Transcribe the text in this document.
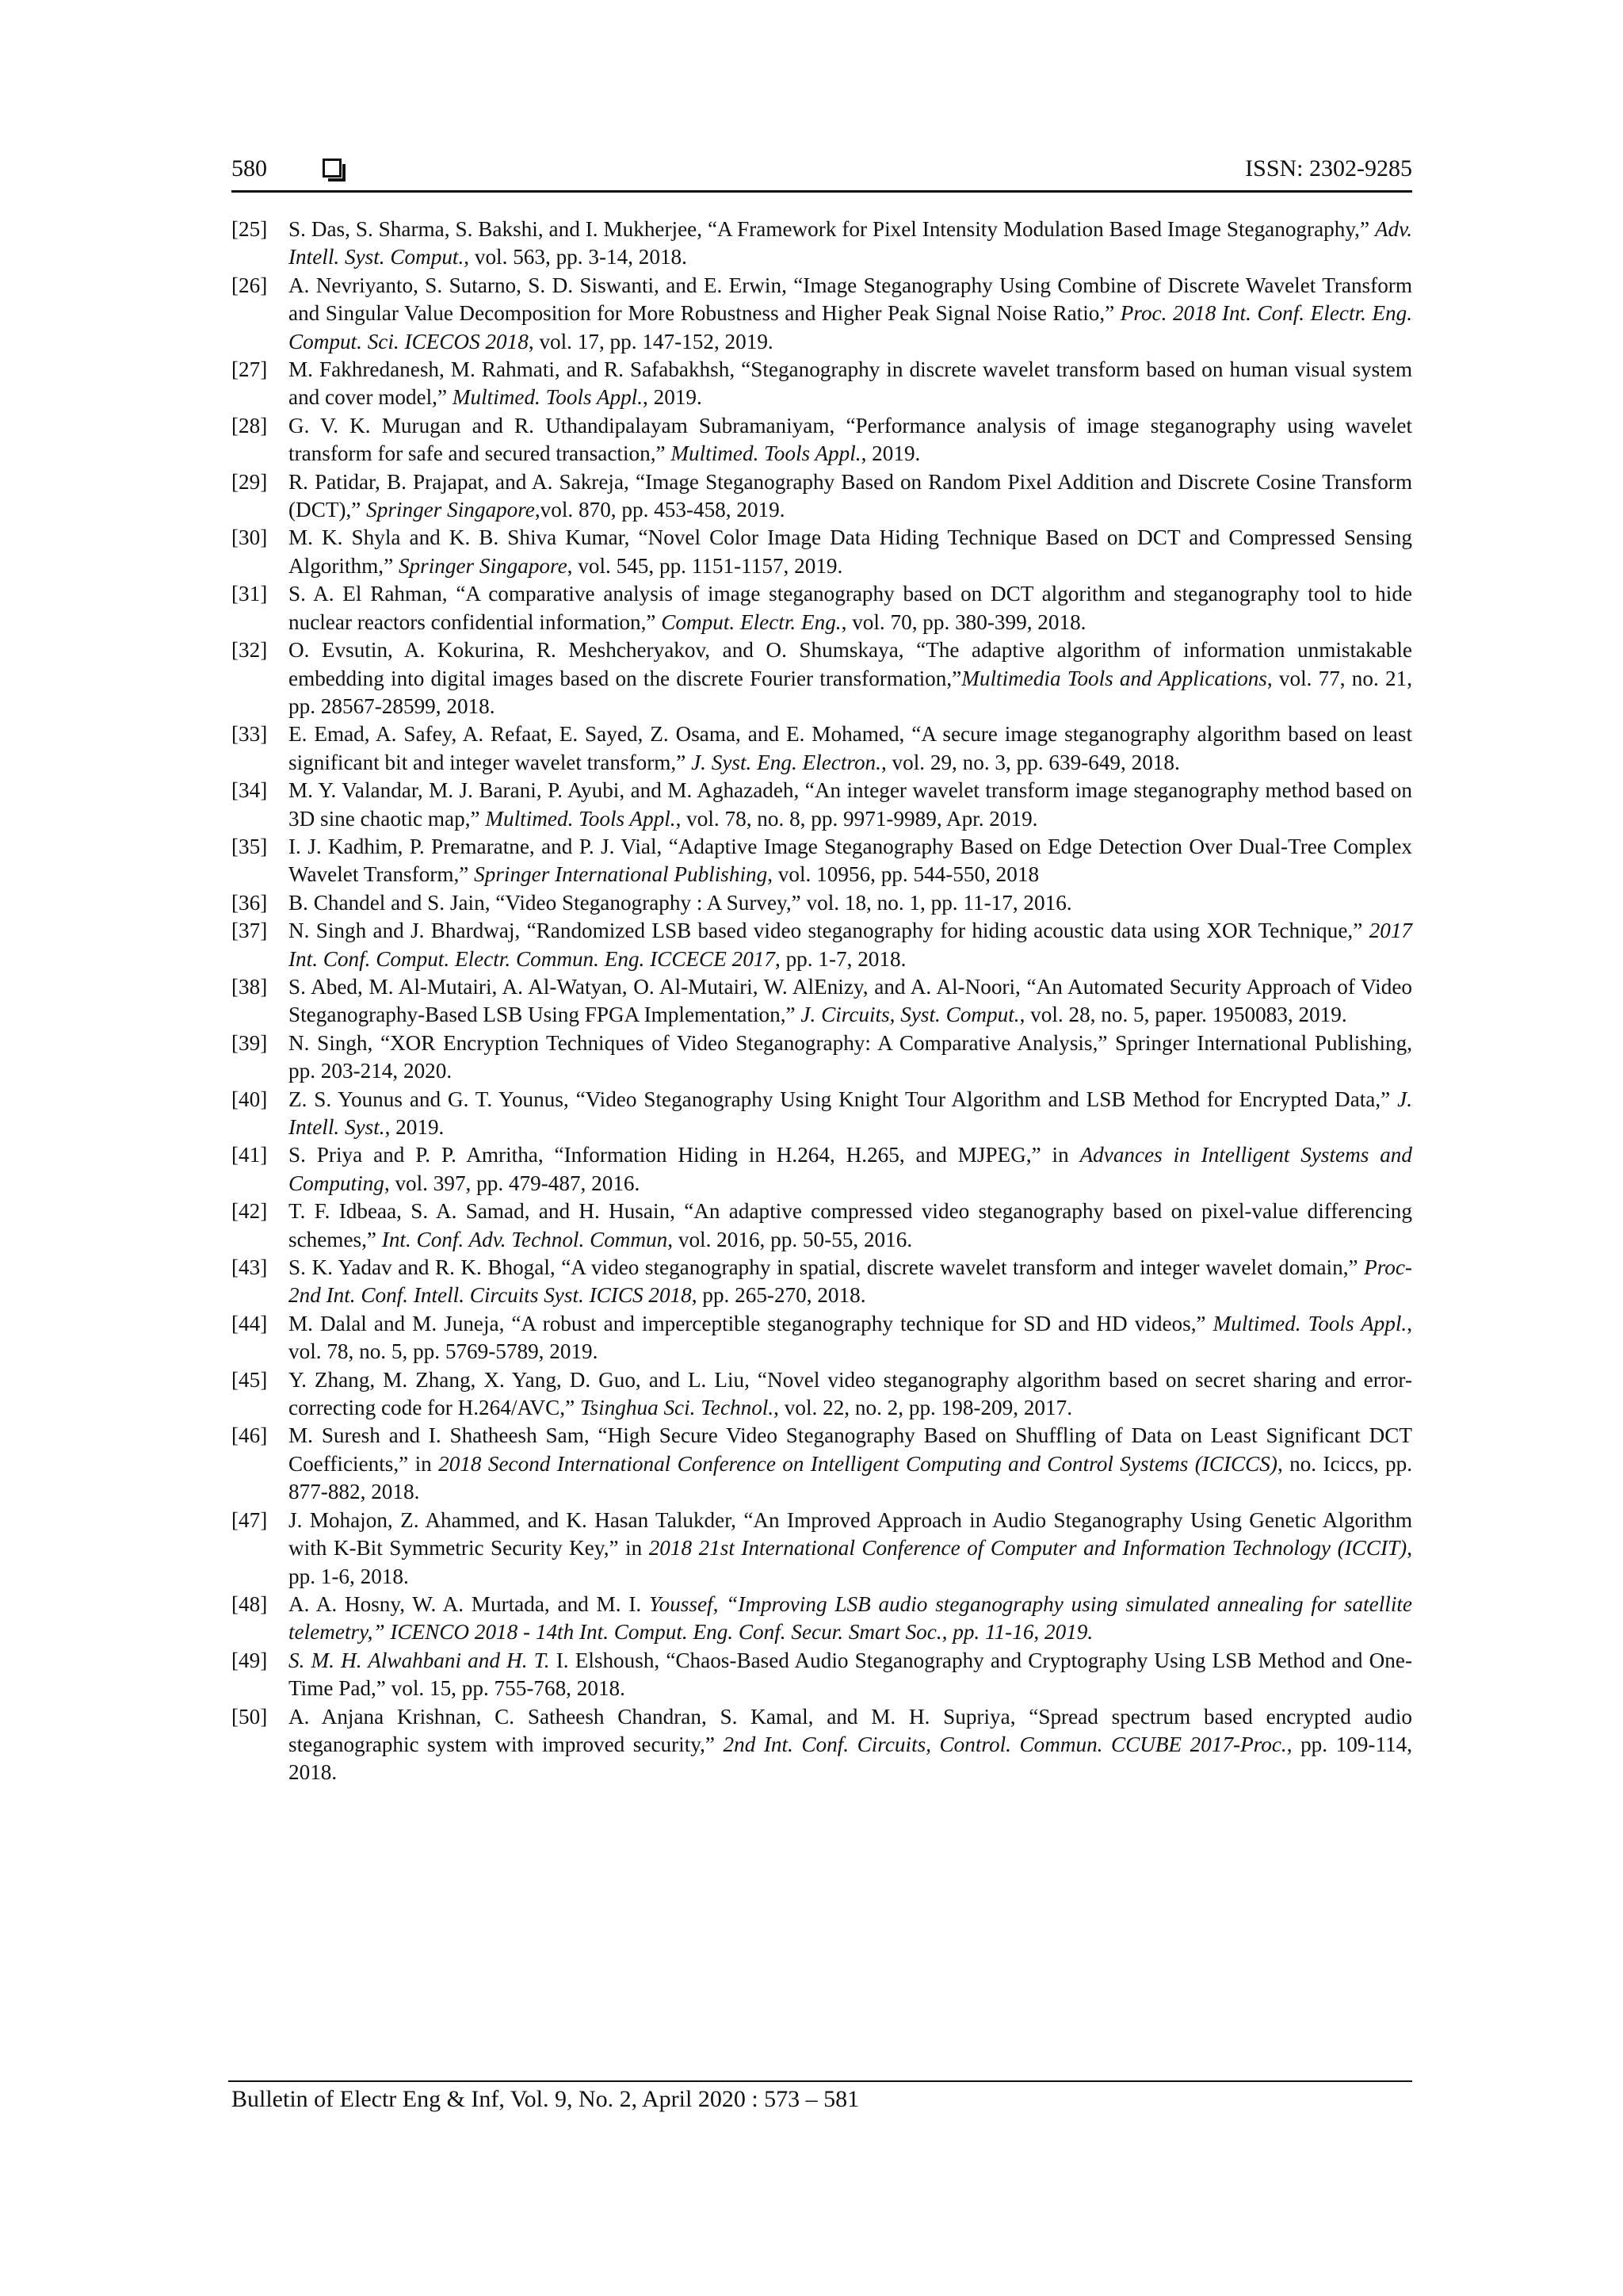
580	ISSN: 2302-9285
[25] S. Das, S. Sharma, S. Bakshi, and I. Mukherjee, “A Framework for Pixel Intensity Modulation Based Image Steganography,” Adv. Intell. Syst. Comput., vol. 563, pp. 3-14, 2018.
[26] A. Nevriyanto, S. Sutarno, S. D. Siswanti, and E. Erwin, “Image Steganography Using Combine of Discrete Wavelet Transform and Singular Value Decomposition for More Robustness and Higher Peak Signal Noise Ratio,” Proc. 2018 Int. Conf. Electr. Eng. Comput. Sci. ICECOS 2018, vol. 17, pp. 147-152, 2019.
[27] M. Fakhredanesh, M. Rahmati, and R. Safabakhsh, “Steganography in discrete wavelet transform based on human visual system and cover model,” Multimed. Tools Appl., 2019.
[28] G. V. K. Murugan and R. Uthandipalayam Subramaniyam, “Performance analysis of image steganography using wavelet transform for safe and secured transaction,” Multimed. Tools Appl., 2019.
[29] R. Patidar, B. Prajapat, and A. Sakreja, “Image Steganography Based on Random Pixel Addition and Discrete Cosine Transform (DCT),” Springer Singapore,vol. 870, pp. 453-458, 2019.
[30] M. K. Shyla and K. B. Shiva Kumar, “Novel Color Image Data Hiding Technique Based on DCT and Compressed Sensing Algorithm,” Springer Singapore, vol. 545, pp. 1151-1157, 2019.
[31] S. A. El Rahman, “A comparative analysis of image steganography based on DCT algorithm and steganography tool to hide nuclear reactors confidential information,” Comput. Electr. Eng., vol. 70, pp. 380-399, 2018.
[32] O. Evsutin, A. Kokurina, R. Meshcheryakov, and O. Shumskaya, “The adaptive algorithm of information unmistakable embedding into digital images based on the discrete Fourier transformation,”Multimedia Tools and Applications, vol. 77, no. 21, pp. 28567-28599, 2018.
[33] E. Emad, A. Safey, A. Refaat, E. Sayed, Z. Osama, and E. Mohamed, “A secure image steganography algorithm based on least significant bit and integer wavelet transform,” J. Syst. Eng. Electron., vol. 29, no. 3, pp. 639-649, 2018.
[34] M. Y. Valandar, M. J. Barani, P. Ayubi, and M. Aghazadeh, “An integer wavelet transform image steganography method based on 3D sine chaotic map,” Multimed. Tools Appl., vol. 78, no. 8, pp. 9971-9989, Apr. 2019.
[35] I. J. Kadhim, P. Premaratne, and P. J. Vial, “Adaptive Image Steganography Based on Edge Detection Over Dual-Tree Complex Wavelet Transform,” Springer International Publishing, vol. 10956, pp. 544-550, 2018
[36] B. Chandel and S. Jain, “Video Steganography : A Survey,” vol. 18, no. 1, pp. 11-17, 2016.
[37] N. Singh and J. Bhardwaj, “Randomized LSB based video steganography for hiding acoustic data using XOR Technique,” 2017 Int. Conf. Comput. Electr. Commun. Eng. ICCECE 2017, pp. 1-7, 2018.
[38] S. Abed, M. Al-Mutairi, A. Al-Watyan, O. Al-Mutairi, W. AlEnizy, and A. Al-Noori, “An Automated Security Approach of Video Steganography-Based LSB Using FPGA Implementation,” J. Circuits, Syst. Comput., vol. 28, no. 5, paper. 1950083, 2019.
[39] N. Singh, “XOR Encryption Techniques of Video Steganography: A Comparative Analysis,” Springer International Publishing, pp. 203-214, 2020.
[40] Z. S. Younus and G. T. Younus, “Video Steganography Using Knight Tour Algorithm and LSB Method for Encrypted Data,” J. Intell. Syst., 2019.
[41] S. Priya and P. P. Amritha, “Information Hiding in H.264, H.265, and MJPEG,” in Advances in Intelligent Systems and Computing, vol. 397, pp. 479-487, 2016.
[42] T. F. Idbeaa, S. A. Samad, and H. Husain, “An adaptive compressed video steganography based on pixel-value differencing schemes,” Int. Conf. Adv. Technol. Commun, vol. 2016, pp. 50-55, 2016.
[43] S. K. Yadav and R. K. Bhogal, “A video steganography in spatial, discrete wavelet transform and integer wavelet domain,” Proc-2nd Int. Conf. Intell. Circuits Syst. ICICS 2018, pp. 265-270, 2018.
[44] M. Dalal and M. Juneja, “A robust and imperceptible steganography technique for SD and HD videos,” Multimed. Tools Appl., vol. 78, no. 5, pp. 5769-5789, 2019.
[45] Y. Zhang, M. Zhang, X. Yang, D. Guo, and L. Liu, “Novel video steganography algorithm based on secret sharing and error-correcting code for H.264/AVC,” Tsinghua Sci. Technol., vol. 22, no. 2, pp. 198-209, 2017.
[46] M. Suresh and I. Shatheesh Sam, “High Secure Video Steganography Based on Shuffling of Data on Least Significant DCT Coefficients,” in 2018 Second International Conference on Intelligent Computing and Control Systems (ICICCS), no. Iciccs, pp. 877-882, 2018.
[47] J. Mohajon, Z. Ahammed, and K. Hasan Talukder, “An Improved Approach in Audio Steganography Using Genetic Algorithm with K-Bit Symmetric Security Key,” in 2018 21st International Conference of Computer and Information Technology (ICCIT), pp. 1-6, 2018.
[48] A. A. Hosny, W. A. Murtada, and M. I. Youssef, “Improving LSB audio steganography using simulated annealing for satellite telemetry,” ICENCO 2018 - 14th Int. Comput. Eng. Conf. Secur. Smart Soc., pp. 11-16, 2019.
[49] S. M. H. Alwahbani and H. T. I. Elshoush, “Chaos-Based Audio Steganography and Cryptography Using LSB Method and One-Time Pad,” vol. 15, pp. 755-768, 2018.
[50] A. Anjana Krishnan, C. Satheesh Chandran, S. Kamal, and M. H. Supriya, “Spread spectrum based encrypted audio steganographic system with improved security,” 2nd Int. Conf. Circuits, Control. Commun. CCUBE 2017-Proc., pp. 109-114, 2018.
Bulletin of Electr Eng & Inf, Vol. 9, No. 2, April 2020 : 573 – 581
